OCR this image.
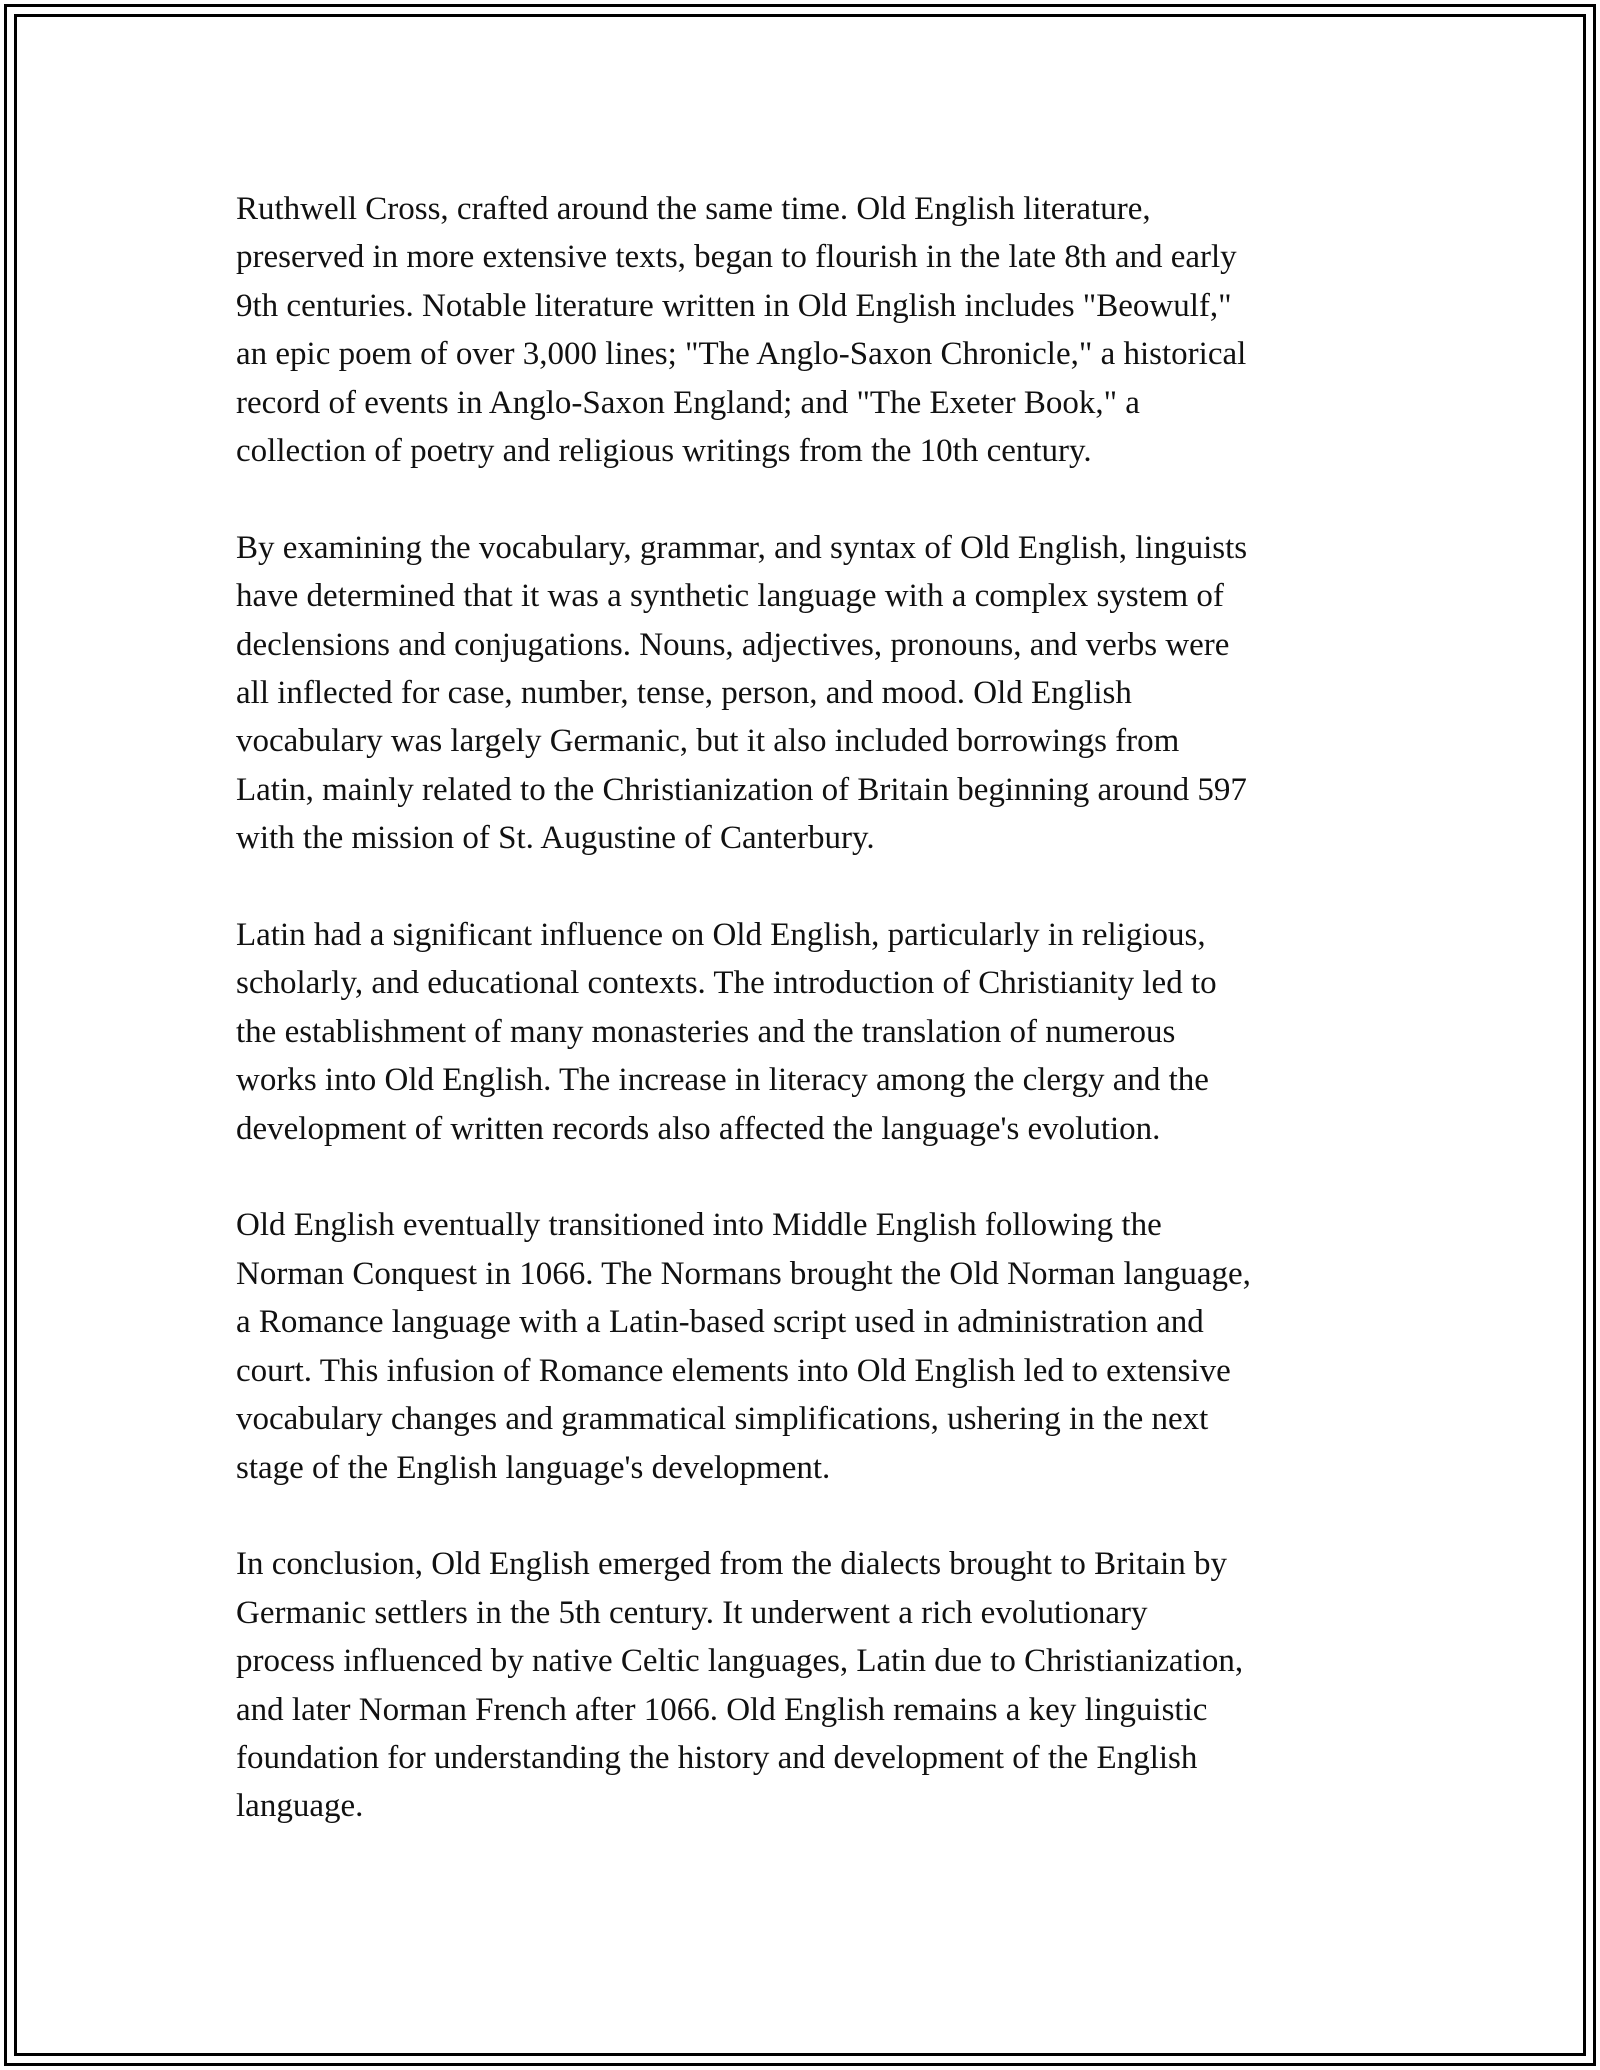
Ruthwell Cross, crafted around the same time. Old English literature,
preserved in more extensive texts, began to flourish in the late 8th and early
9th centuries. Notable literature written in Old English includes "Beowulf,"
an epic poem of over 3,000 lines; "The Anglo-Saxon Chronicle," a historical
record of events in Anglo-Saxon England; and "The Exeter Book," a
collection of poetry and religious writings from the 10th century.

By examining the vocabulary, grammar, and syntax of Old English, linguists
have determined that it was a synthetic language with a complex system of
declensions and conjugations. Nouns, adjectives, pronouns, and verbs were
all inflected for case, number, tense, person, and mood. Old English
vocabulary was largely Germanic, but it also included borrowings from
Latin, mainly related to the Christianization of Britain beginning around 597
with the mission of St. Augustine of Canterbury.

Latin had a significant influence on Old English, particularly in religious,
scholarly, and educational contexts. The introduction of Christianity led to
the establishment of many monasteries and the translation of numerous
works into Old English. The increase in literacy among the clergy and the
development of written records also affected the language's evolution.

Old English eventually transitioned into Middle English following the
Norman Conquest in 1066. The Normans brought the Old Norman language,
a Romance language with a Latin-based script used in administration and
court. This infusion of Romance elements into Old English led to extensive
vocabulary changes and grammatical simplifications, ushering in the next
stage of the English language's development.

In conclusion, Old English emerged from the dialects brought to Britain by
Germanic settlers in the 5th century. It underwent a rich evolutionary
process influenced by native Celtic languages, Latin due to Christianization,
and later Norman French after 1066. Old English remains a key linguistic
foundation for understanding the history and development of the English
language.
